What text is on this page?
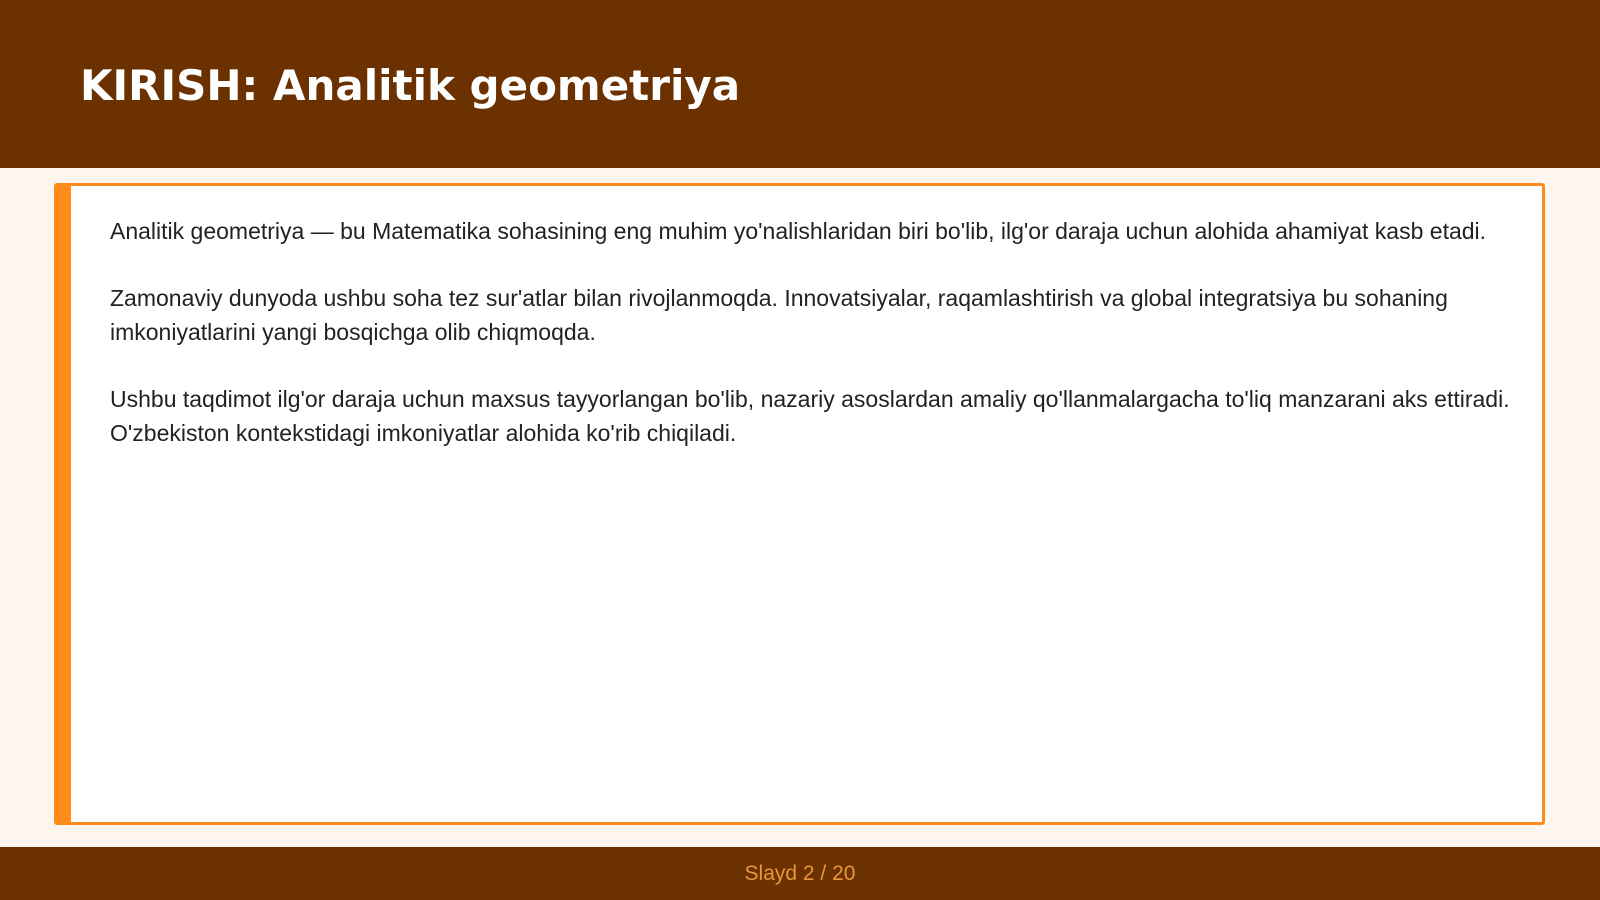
KIRISH: Analitik geometriya

Analitik geometriya — bu Matematika sohasining eng muhim yo'nalishlaridan biri bo'lib, ilg'or daraja uchun alohida ahamiyat kasb etadi.

Zamonaviy dunyoda ushbu soha tez sur'atlar bilan rivojlanmoqda. Innovatsiyalar, raqamlashtirish va global integratsiya bu sohaning imkoniyatlarini yangi bosqichga olib chiqmoqda.

Ushbu taqdimot ilg'or daraja uchun maxsus tayyorlangan bo'lib, nazariy asoslardan amaliy qo'llanmalargacha to'liq manzarani aks ettiradi. O'zbekiston kontekstidagi imkoniyatlar alohida ko'rib chiqiladi.

Slayd 2 / 20
